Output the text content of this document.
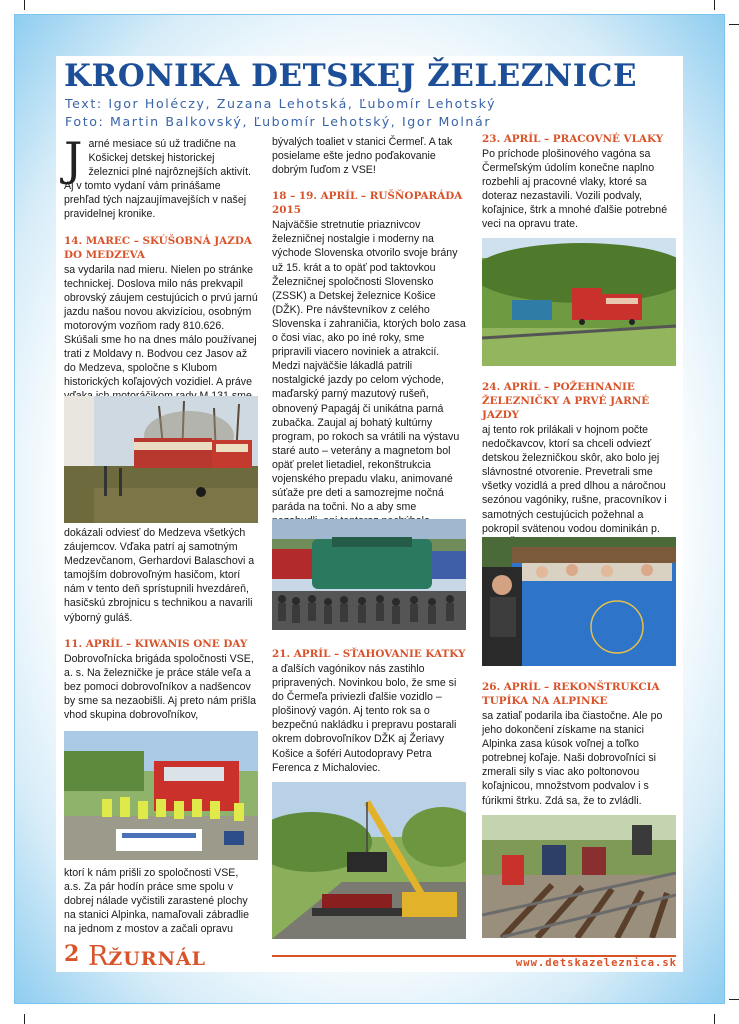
KRONIKA DETSKEJ ŽELEZNICE
Text: Igor Holéczy, Zuzana Lehotská, Ľubomír Lehotský
Foto: Martin Balkovský, Ľubomír Lehotský, Igor Molnár
J arné mesiace sú už tradične na Košickej detskej historickej železnici plné najrôznejších aktivít. Aj v tomto vydaní vám prinášame prehľad tých najzaujímavejších v našej pravidelnej kronike.

14. MAREC – SKÚŠOBNÁ JAZDA DO MEDZEVA

sa vydarila nad mieru. Nielen po stránke technickej. Doslova milo nás prekvapil obrovský záujem cestujúcich o prvú jarnú jazdu našou novou akvizíciou, osobným motorovým vozňom rady 810.626. Skúšali sme ho na dnes málo používanej trati z Moldavy n. Bodvou cez Jasov až do Medzeva, spoločne s Klubom historických koľajových vozidiel. A práve

dokázali odviesť do Medzeva všetkých záujemcov. Vďaka patrí aj samotným Medzevčanom, Gerhardovi Balaschovi a tamojším dobrovoľným hasičom, ktorí nám v tento deň sprístupnili hvezdáreň, hasičskú zbrojnicu s technikou a navarili výborný guláš.

11. APRÍL – KIWANIS ONE DAY

Dobrovoľnícka brigáda spoločnosti VSE, a. s. Na železničke je práce stále veľa a bez pomoci dobrovoľníkov a nadšencov by sme sa nezaobišli. Aj preto nám prišla vhod skupina dobrovoľníkov,

ktorí k nám prišli zo spoločnosti VSE, a.s. Za pár hodín práce sme spolu v dobrej nálade vyčistili zarastené plochy na stanici Alpinka, namaľovali zábradlie na jednom z mostov a začali opravu

bývalých toaliet v stanici Čermeľ. A tak posielame ešte jedno poďakovanie dobrým ľuďom z VSE!

18 – 19. APRÍL – RUŠŇOPARÁDA 2015

Najväčšie stretnutie priaznivcov železničnej nostalgie i moderny na východe Slovenska otvorilo svoje brány už 15. krát a to opäť pod taktovkou Železničnej spoločnosti Slovensko (ZSSK) a Detskej železnice Košice (DŽK). Pre návštevníkov z celého Slovenska i zahraničia, ktorých bolo zasa o čosi viac, ako po iné roky, sme pripravili viacero noviniek a atrakcií. Medzi najväčšie lákadlá patrili nostalgické jazdy po celom východe, maďarský parný mazutový rušeň, obnovený Papagáj či unikátna parná zubačka. Zaujal aj bohatý kultúrny program, po rokoch sa vrátili na výstavu staré auto – veterány a magnetom bol opäť prelet lietadiel, rekonštrukcia vojenského prepadu vlaku, animované súťaže pre deti a samozrejme nočná paráda na točni. No a aby sme

21. APRÍL – SŤAHOVANIE KATKY

a ďalších vagónikov nás zastihlo pripravených. Novinkou bolo, že sme si do Čermeľa priviezli ďalšie vozidlo – plošinový vagón. Aj tento rok sa o bezpečnú nakládku i prepravu postarali okrem dobrovoľníkov DŽK aj Žeriavy Košice a šoféri Autodopravy Petra Ferenca z Michaloviec.

23. APRÍL – PRACOVNÉ VLAKY

Po príchode plošinového vagóna sa Čermeľským údolím konečne naplno rozbehli aj pracovné vlaky, ktoré sa doteraz nezastavili. Vozili podvaly, koľajnice, štrk a mnohé ďalšie potrebné veci na opravu trate.

24. APRÍL – POŽEHNANIE ŽELEZNIČKY A PRVÉ JARNÉ JAZDY

aj tento rok prilákali v hojnom počte nedočkavcov, ktorí sa chceli odviezť detskou železničkou skôr, ako bolo jej slávnostné otvorenie. Prevetrali sme všetky vozidlá a pred dlhou a náročnou sezónou vagóniky, rušne, pracovníkov i samotných cestujúcich požehnal a pokropil svätenou vodou dominikán p.

26. APRÍL – REKONŠTRUKCIA TUPÍKA NA ALPINKE

sa zatiaľ podarila iba čiastočne. Ale po jeho dokončení získame na stanici Alpinka zasa kúsok voľnej a toľko potrebnej koľaje. Naši dobrovoľníci si zmerali sily s viac ako poltonovou koľajnicou, množstvom podvalov i s fúrikmi štrku. Zdá sa, že to zvládli.

2 RŽURNÁL	www.detskazeleznica.sk
